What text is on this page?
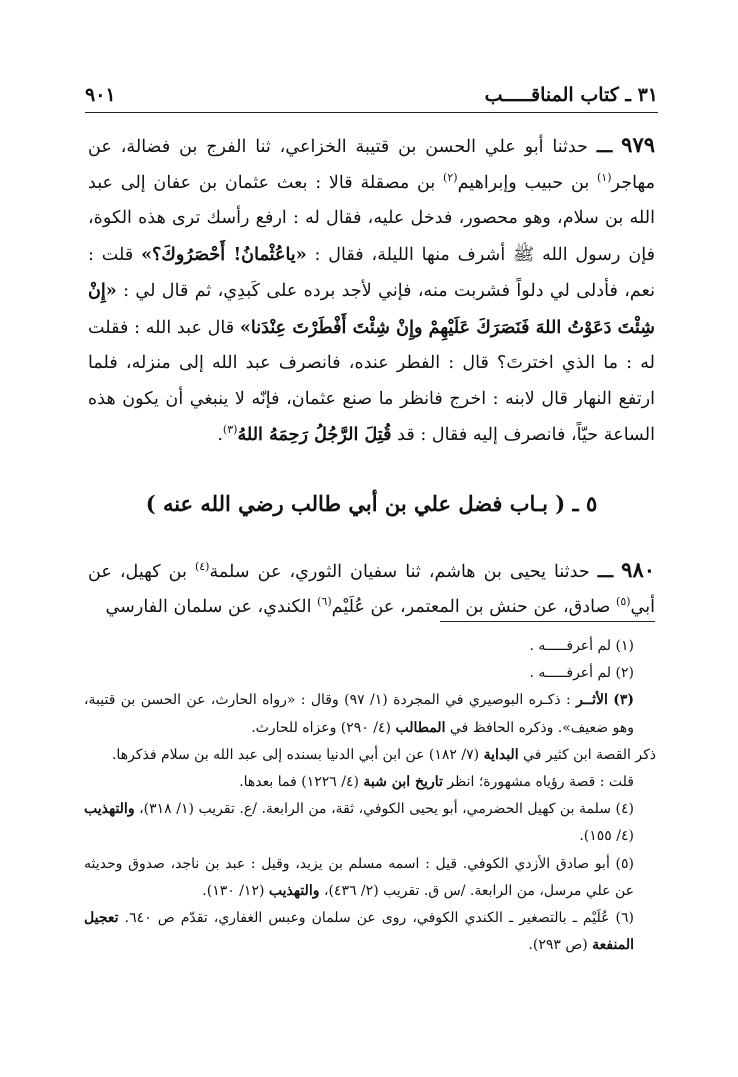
٣١ ـ كتاب المناقـــــب
٩٠١

٩٧٩ ـــ حدثنا أبو علي الحسن بن قتيبة الخزاعي، ثنا الفرج بن فضالة، عن مهاجر$^{(١)}$ بن حبيب وإبراهيم$^{(٢)}$ بن مصقلة قالا : بعث عثمان بن عفان إلى عبد الله بن سلام، وهو محصور، فدخل عليه، فقال له : ارفع رأسك ترى هذه الكوة، فإن رسول الله ﷺ أشرف منها الليلة، فقال : «ياعُثْمانُ! أَحْصَرُوكَ؟» قلت : نعم، فأدلى لي دلواً فشربت منه، فإني لأجد برده على كَبدِي، ثم قال لي : «إِنْ شِئْتَ دَعَوْتُ اللهَ فَنَصَرَكَ عَلَيْهِمْ وإِنْ شِئْتَ أَفْطَرْتَ عِنْدَنا» قال عبد الله : فقلت له : ما الذي اخترتَ؟ قال : الفطر عنده، فانصرف عبد الله إلى منزله، فلما ارتفع النهار قال لابنه : اخرج فانظر ما صنع عثمان، فإنّه لا ينبغي أن يكون هذه الساعة حيّاً، فانصرف إليه فقال : قد قُتِلَ الرَّجُلُ رَحِمَهُ اللهُ$^{(٣)}$.

٥ ـ ( بـاب فضل علي بن أبي طالب رضي الله عنه )

٩٨٠ ـــ حدثنا يحيى بن هاشم، ثنا سفيان الثوري، عن سلمة$^{(٤)}$ بن كهيل، عن أبي$^{(٥)}$ صادق، عن حنش بن المعتمر، عن عُلَيْم$^{(٦)}$ الكندي، عن سلمان الفارسي

(١) لم أعرفـــــه .

(٢) لم أعرفـــــه .

(٣) الأثــر : ذكـره البوصيري في المجردة (١/ ٩٧) وقال : «رواه الحارث، عن الحسن بن قتيبة، وهو ضعيف». وذكره الحافظ في المطالب (٤/ ٢٩٠) وعزاه للحارث.

ذكر القصة ابن كثير في البداية (٧/ ١٨٢) عن ابن أبي الدنيا بسنده إلى عبد الله بن سلام فذكرها.

قلت : قصة رؤياه مشهورة؛ انظر تاريخ ابن شبة (٤/ ١٢٢٦) فما بعدها.

(٤) سلمة بن كهيل الحضرمي، أبو يحيى الكوفي، ثقة، من الرابعة. /ع. تقريب (١/ ٣١٨)، والتهذيب (٤/ ١٥٥).

(٥) أبو صادق الأزدي الكوفي. قيل : اسمه مسلم بن يزيد، وقيل : عبد بن ناجد، صدوق وحديثه عن علي مرسل، من الرابعة. /س ق. تقريب (٢/ ٤٣٦)، والتهذيب (١٢/ ١٣٠).

(٦) عُلَيْم ـ بالتصغير ـ الكندي الكوفي، روى عن سلمان وعبس الغفاري، تقدّم ص ٦٤٠. تعجيل المنفعة (ص ٢٩٣).
